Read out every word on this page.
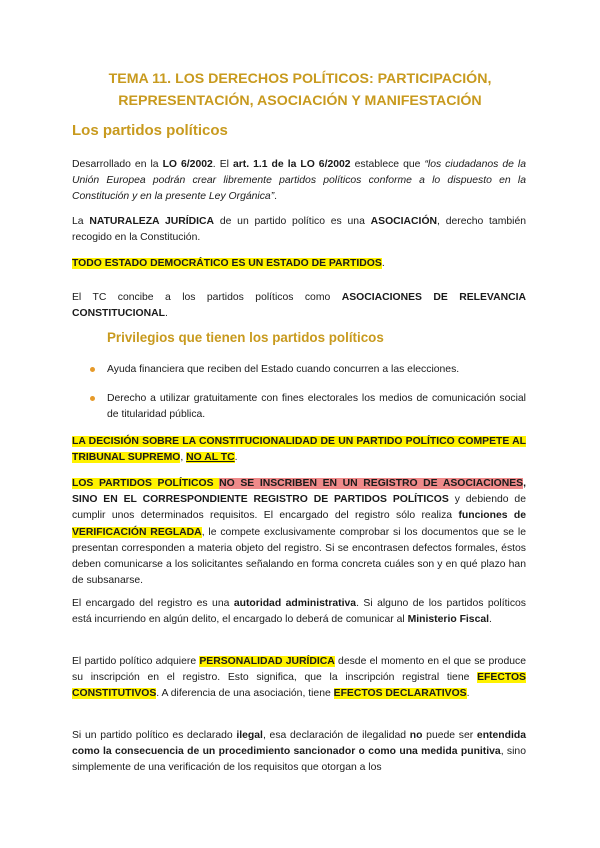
TEMA 11. LOS DERECHOS POLÍTICOS: PARTICIPACIÓN,
REPRESENTACIÓN, ASOCIACIÓN Y MANIFESTACIÓN
Los partidos políticos

Desarrollado en la LO 6/2002. El art. 1.1 de la LO 6/2002 establece que “los ciudadanos de la Unión Europea podrán crear libremente partidos políticos conforme a lo dispuesto en la Constitución y en la presente Ley Orgánica”.

La NATURALEZA JURÍDICA de un partido político es una ASOCIACIÓN, derecho también recogido en la Constitución.

TODO ESTADO DEMOCRÁTICO ES UN ESTADO DE PARTIDOS.

El TC concibe a los partidos políticos como ASOCIACIONES DE RELEVANCIA CONSTITUCIONAL.

Privilegios que tienen los partidos políticos
Ayuda financiera que reciben del Estado cuando concurren a las elecciones.
Derecho a utilizar gratuitamente con fines electorales los medios de comunicación social de titularidad pública.

LA DECISIÓN SOBRE LA CONSTITUCIONALIDAD DE UN PARTIDO POLÍTICO COMPETE AL TRIBUNAL SUPREMO, NO AL TC.

LOS PARTIDOS POLÍTICOS NO SE INSCRIBEN EN UN REGISTRO DE ASOCIACIONES, SINO EN EL CORRESPONDIENTE REGISTRO DE PARTIDOS POLÍTICOS y debiendo de cumplir unos determinados requisitos. El encargado del registro sólo realiza funciones de VERIFICACIÓN REGLADA, le compete exclusivamente comprobar si los documentos que se le presentan corresponden a materia objeto del registro. Si se encontrasen defectos formales, éstos deben comunicarse a los solicitantes señalando en forma concreta cuáles son y en qué plazo han de subsanarse.

El encargado del registro es una autoridad administrativa. Si alguno de los partidos políticos está incurriendo en algún delito, el encargado lo deberá de comunicar al Ministerio Fiscal.

El partido político adquiere PERSONALIDAD JURÍDICA desde el momento en el que se produce su inscripción en el registro. Esto significa, que la inscripción registral tiene EFECTOS CONSTITUTIVOS. A diferencia de una asociación, tiene EFECTOS DECLARATIVOS.

Si un partido político es declarado ilegal, esa declaración de ilegalidad no puede ser entendida como la consecuencia de un procedimiento sancionador o como una medida punitiva, sino simplemente de una verificación de los requisitos que otorgan a los
